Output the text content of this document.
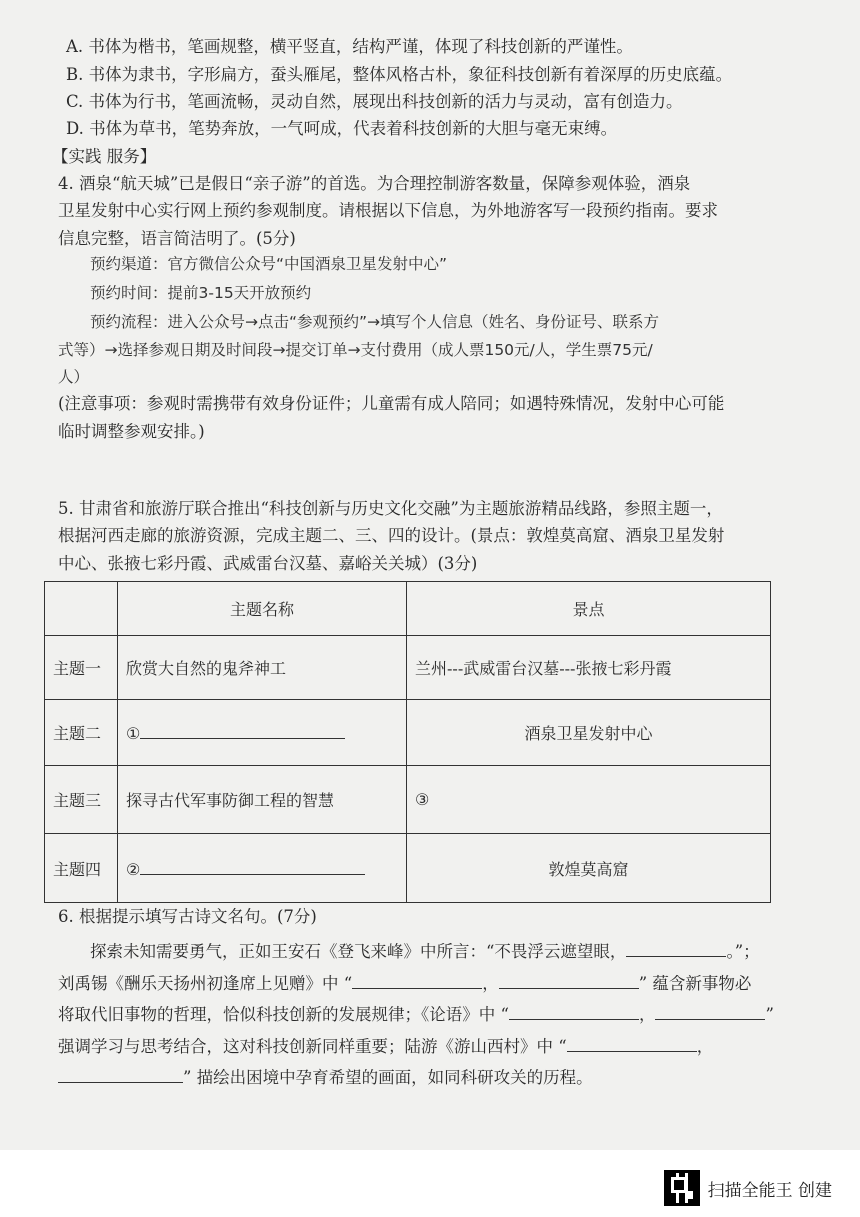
A. 书体为楷书，笔画规整，横平竖直，结构严谨，体现了科技创新的严谨性。
B. 书体为隶书，字形扁方，蚕头雁尾，整体风格古朴，象征科技创新有着深厚的历史底蕴。
C. 书体为行书，笔画流畅，灵动自然，展现出科技创新的活力与灵动，富有创造力。
D. 书体为草书，笔势奔放，一气呵成，代表着科技创新的大胆与毫无束缚。
【实践 服务】
4. 酒泉“航天城”已是假日“亲子游”的首选。为合理控制游客数量，保障参观体验，酒泉
卫星发射中心实行网上预约参观制度。请根据以下信息，为外地游客写一段预约指南。要求
信息完整，语言简洁明了。(5分)
预约渠道：官方微信公众号“中国酒泉卫星发射中心”
预约时间：提前3-15天开放预约
预约流程：进入公众号→点击“参观预约”→填写个人信息（姓名、身份证号、联系方
式等）→选择参观日期及时间段→提交订单→支付费用（成人票150元/人，学生票75元/
人）
(注意事项：参观时需携带有效身份证件；儿童需有成人陪同；如遇特殊情况，发射中心可能
临时调整参观安排。)
5. 甘肃省和旅游厅联合推出“科技创新与历史文化交融”为主题旅游精品线路，参照主题一，
根据河西走廊的旅游资源，完成主题二、三、四的设计。(景点：敦煌莫高窟、酒泉卫星发射
中心、张掖七彩丹霞、武威雷台汉墓、嘉峪关关城）(3分)
	主题名称	景点
主题一	欣赏大自然的鬼斧神工	兰州---武威雷台汉墓---张掖七彩丹霞
主题二	①	酒泉卫星发射中心
主题三	探寻古代军事防御工程的智慧	③
主题四	②	敦煌莫高窟
6. 根据提示填写古诗文名句。(7分)
探索未知需要勇气，正如王安石《登飞来峰》中所言：“不畏浮云遮望眼，	。”；
刘禹锡《酬乐天扬州初逢席上见赠》中 “	，	” 蕴含新事物必
将取代旧事物的哲理，恰似科技创新的发展规律；《论语》中 “	，	”
强调学习与思考结合，这对科技创新同样重要；陆游《游山西村》中 “	，
” 描绘出困境中孕育希望的画面，如同科研攻关的历程。
扫描全能王 创建
